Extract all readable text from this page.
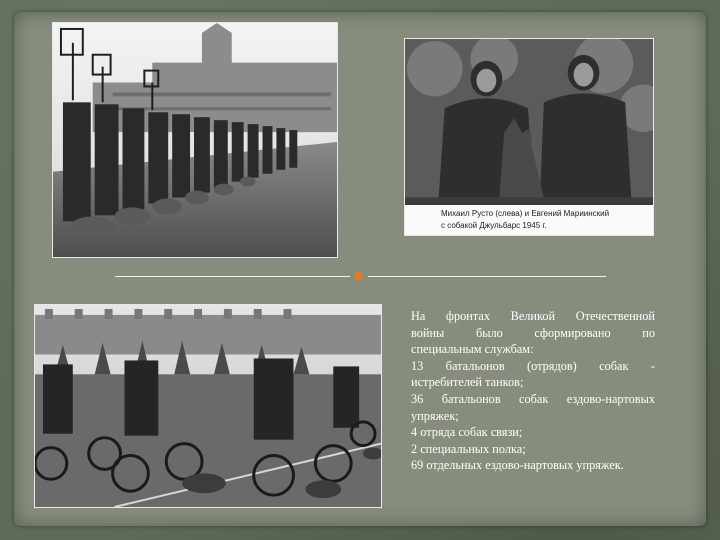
Михаил Русто (слева) и Евгений Мариинский
с собакой Джульбарс 1945 г.

На фронтах Великой Отечественной

войны было сформировано по

специальным службам:

13 батальонов (отрядов) собак -

истребителей танков;

36 батальонов собак ездово-нартовых

упряжек;

4 отряда собак связи;

2 специальных полка;

69 отдельных ездово-нартовых упряжек.
